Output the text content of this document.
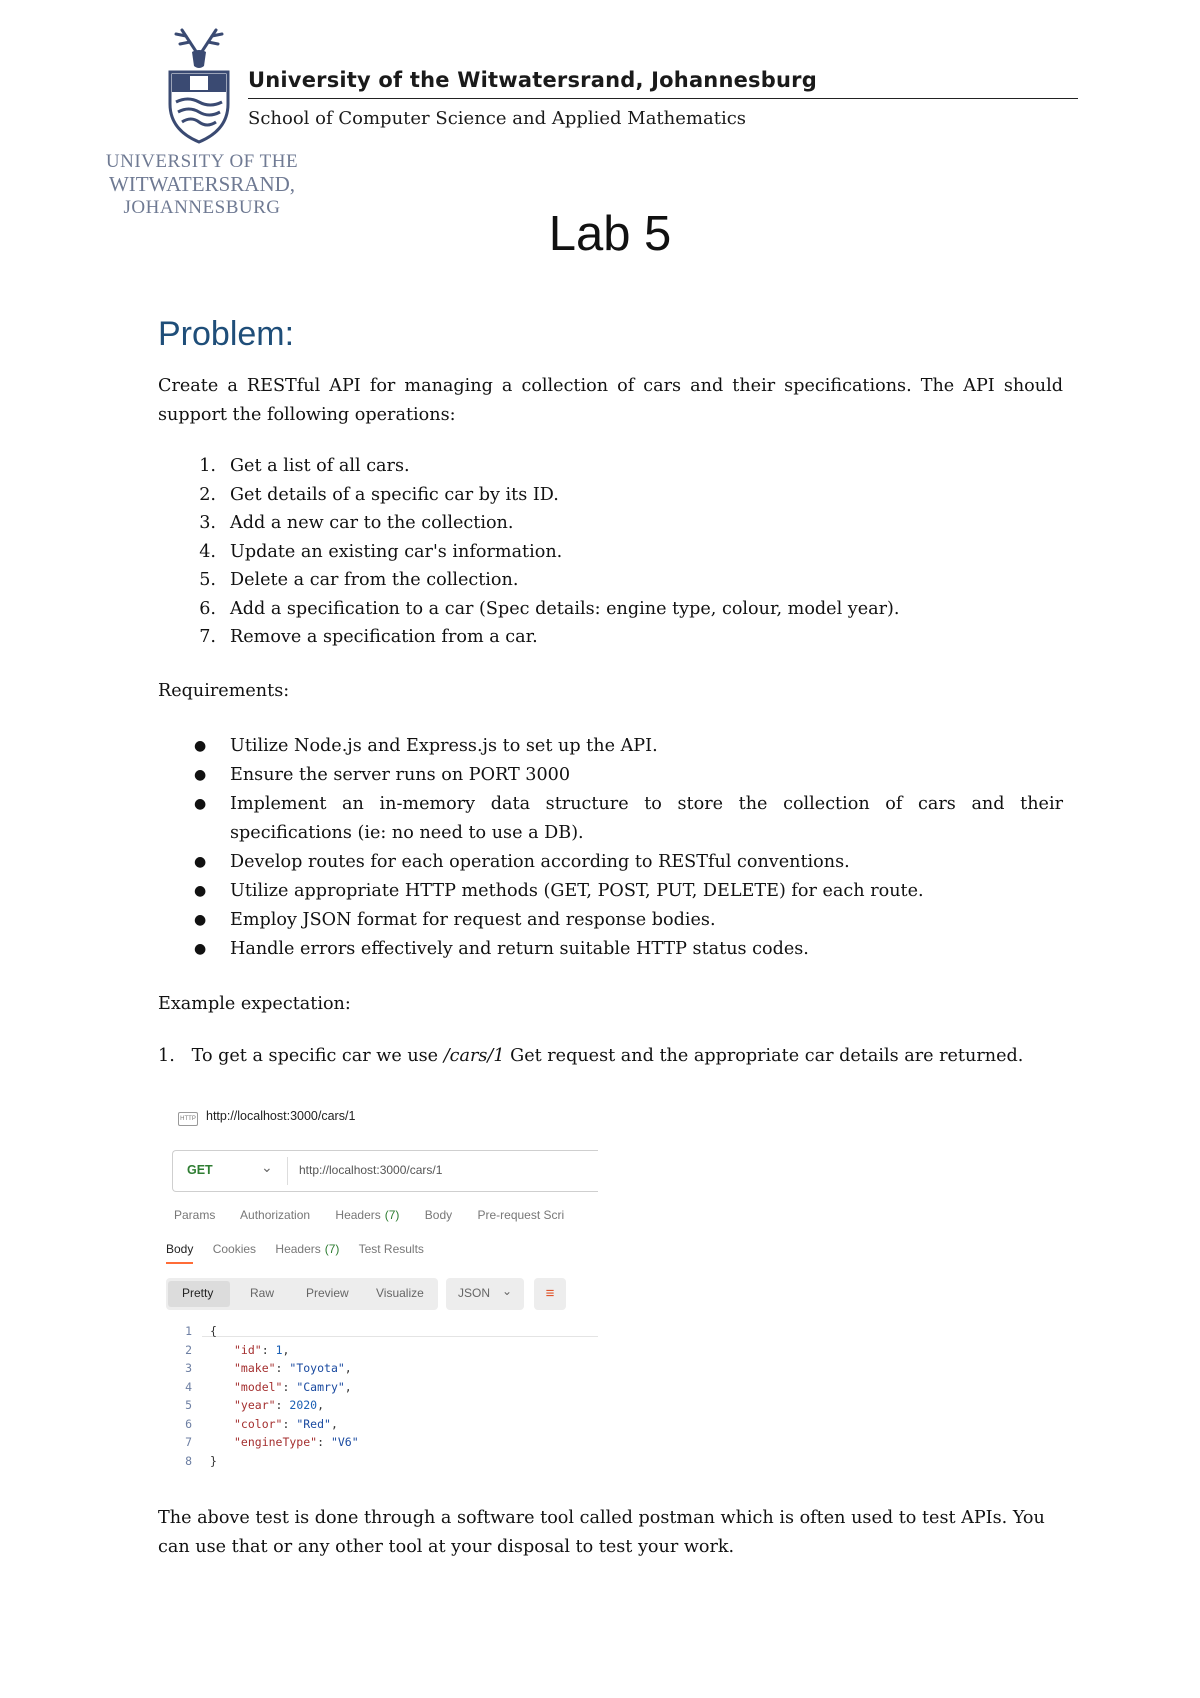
UNIVERSITY OF THE
WITWATERSRAND,
JOHANNESBURG
University of the Witwatersrand, Johannesburg
School of Computer Science and Applied Mathematics
Lab 5
Problem:
Create a RESTful API for managing a collection of cars and their specifications. The API should support the following operations:
1. Get a list of all cars.
2. Get details of a specific car by its ID.
3. Add a new car to the collection.
4. Update an existing car's information.
5. Delete a car from the collection.
6. Add a specification to a car (Spec details: engine type, colour, model year).
7. Remove a specification from a car.
Requirements:
● Utilize Node.js and Express.js to set up the API.
● Ensure the server runs on PORT 3000
● Implement an in-memory data structure to store the collection of cars and their specifications (ie: no need to use a DB).
● Develop routes for each operation according to RESTful conventions.
● Utilize appropriate HTTP methods (GET, POST, PUT, DELETE) for each route.
● Employ JSON format for request and response bodies.
● Handle errors effectively and return suitable HTTP status codes.
Example expectation:
1. To get a specific car we use /cars/1 Get request and the appropriate car details are returned.
HTTP http://localhost:3000/cars/1
GET	⌄ http://localhost:3000/cars/1
Params Authorization Headers (7) Body Pre-request Scri
Body Cookies Headers (7) Test Results
Pretty	Raw	Preview Visualize	JSON ⌄	≡
1 {
2	"id": 1,
3	"make": "Toyota",
4	"model": "Camry",
5	"year": 2020,
6	"color": "Red",
7	"engineType": "V6"
8 }
The above test is done through a software tool called postman which is often used to test APIs. You can use that or any other tool at your disposal to test your work.
